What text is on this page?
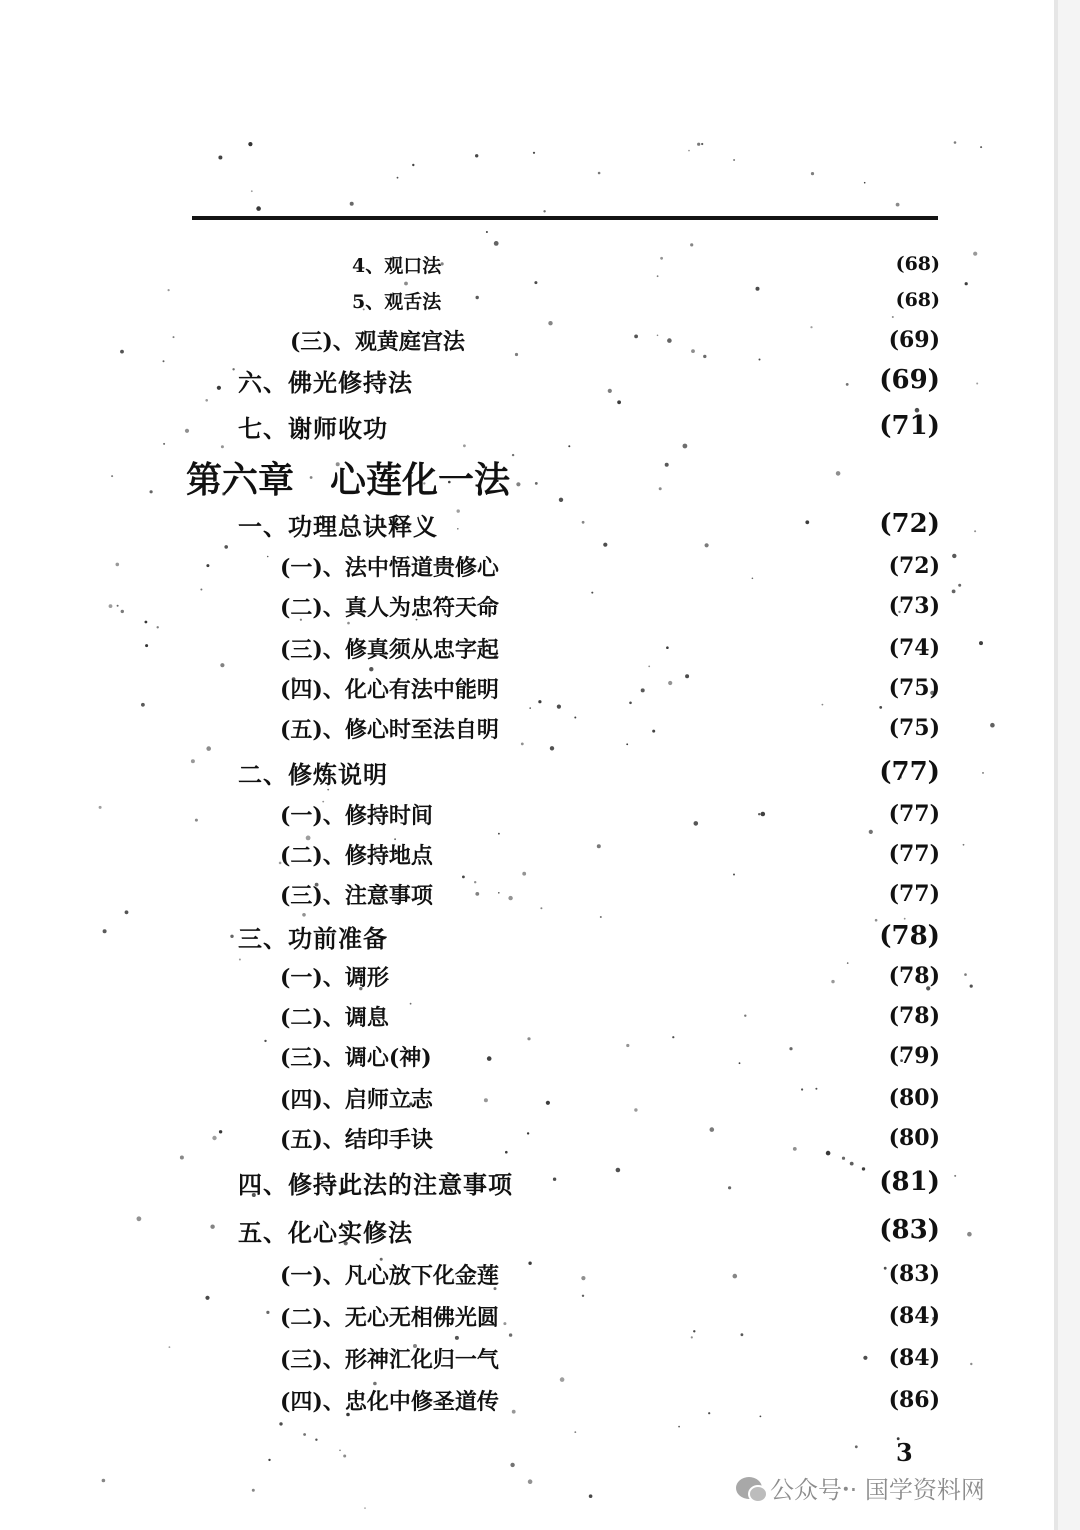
第六章 心莲化一法
4、观口法	(68)
5、观舌法	(68)
(三)、观黄庭宫法	(69)
六、佛光修持法	(69)
七、谢师收功	(71)
一、功理总诀释义	(72)
(一)、法中悟道贵修心	(72)
(二)、真人为忠符天命	(73)
(三)、修真须从忠字起	(74)
(四)、化心有法中能明	(75)
(五)、修心时至法自明	(75)
二、修炼说明	(77)
(一)、修持时间	(77)
(二)、修持地点	(77)
(三)、注意事项	(77)
三、功前准备	(78)
(一)、调形	(78)
(二)、调息	(78)
(三)、调心(神)	(79)
(四)、启师立志	(80)
(五)、结印手诀	(80)
四、修持此法的注意事项	(81)
五、化心实修法	(83)
(一)、凡心放下化金莲	(83)
(二)、无心无相佛光圆	(84)
(三)、形神汇化归一气	(84)
(四)、忠化中修圣道传	(86)
3
公众号 · 国学资料网
